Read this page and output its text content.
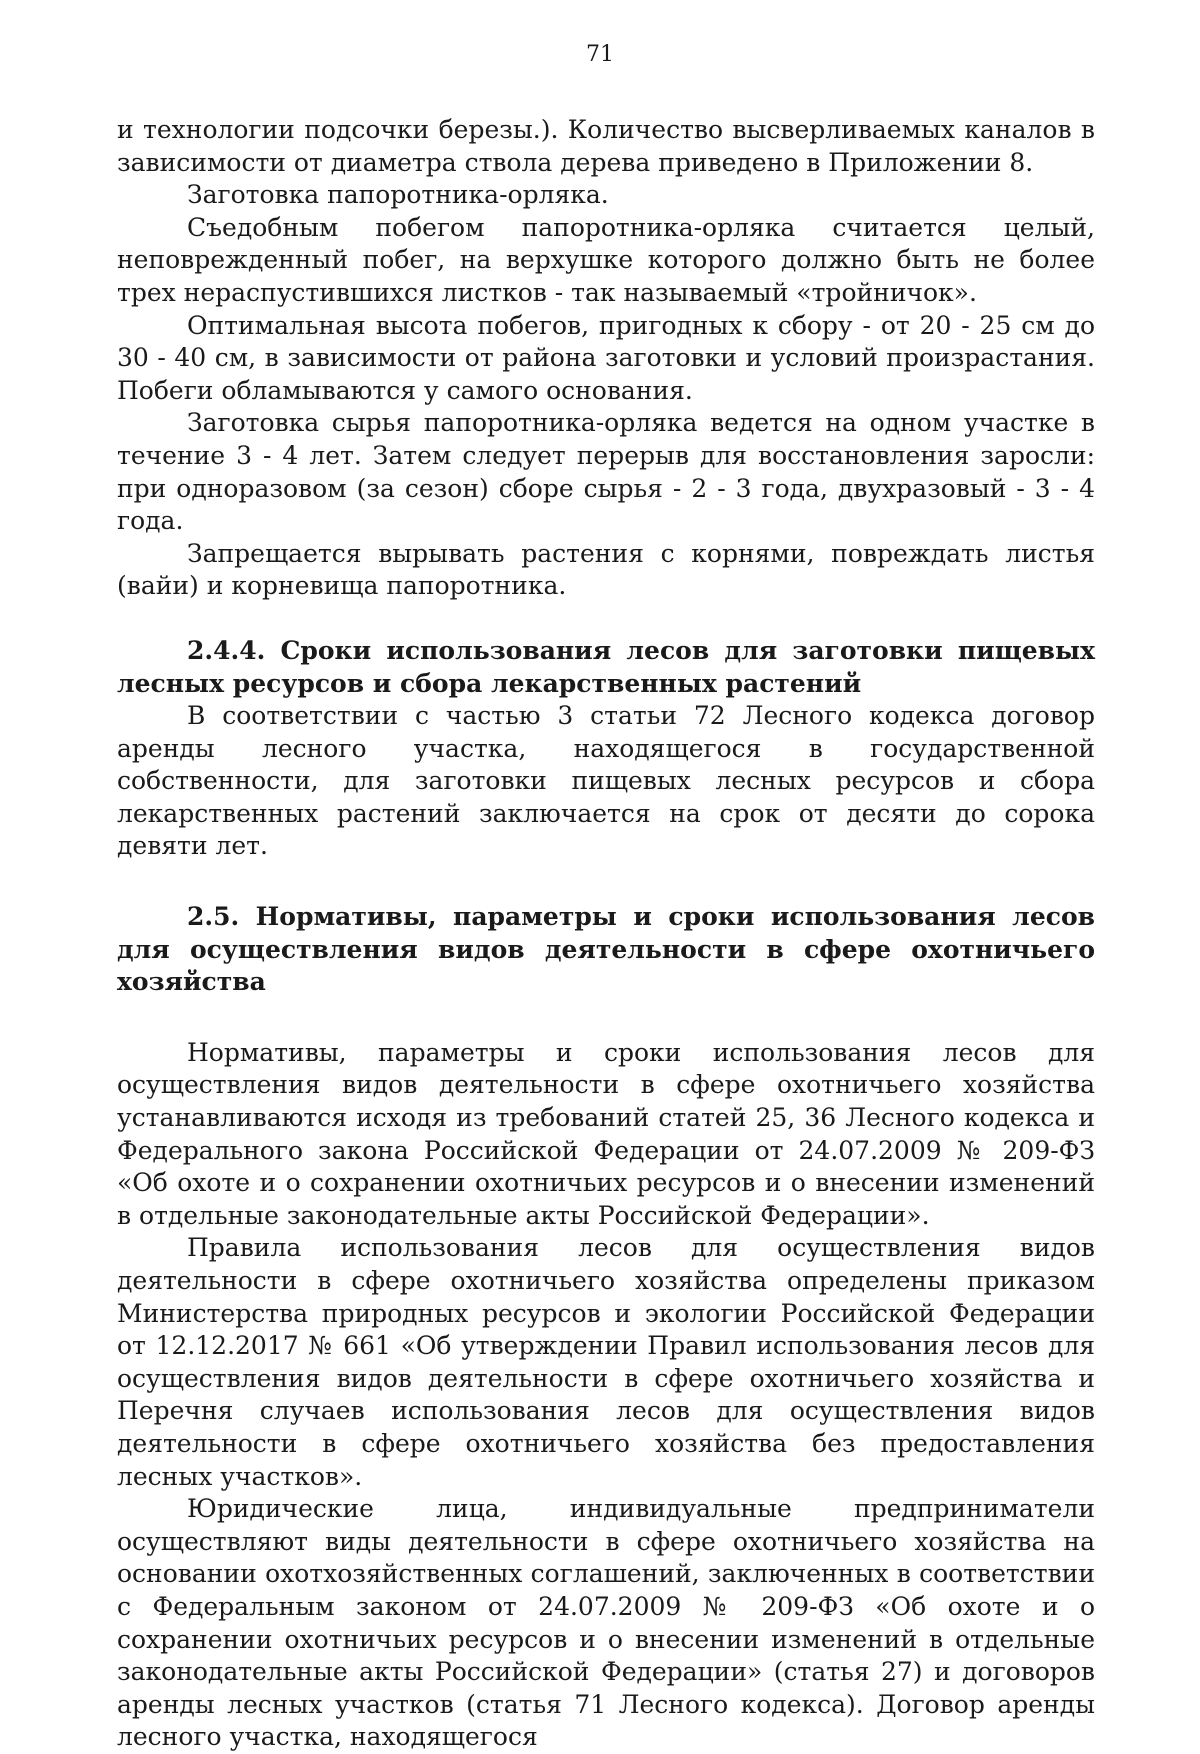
71

и технологии подсочки березы.). Количество высверливаемых каналов в зависимости от диаметра ствола дерева приведено в Приложении 8.

Заготовка папоротника-орляка.

Съедобным побегом папоротника-орляка считается целый, неповрежденный побег, на верхушке которого должно быть не более трех нераспустившихся листков - так называемый «тройничок».

Оптимальная высота побегов, пригодных к сбору - от 20 - 25 см до 30 - 40 см, в зависимости от района заготовки и условий произрастания. Побеги обламываются у самого основания.

Заготовка сырья папоротника-орляка ведется на одном участке в течение 3 - 4 лет. Затем следует перерыв для восстановления заросли: при одноразовом (за сезон) сборе сырья - 2 - 3 года, двухразовый - 3 - 4 года.

Запрещается вырывать растения с корнями, повреждать листья (вайи) и корневища папоротника.

2.4.4. Сроки использования лесов для заготовки пищевых лесных ресурсов и сбора лекарственных растений

В соответствии с частью 3 статьи 72 Лесного кодекса договор аренды лесного участка, находящегося в государственной собственности, для заготовки пищевых лесных ресурсов и сбора лекарственных растений заключается на срок от десяти до сорока девяти лет.

2.5. Нормативы, параметры и сроки использования лесов для осуществления видов деятельности в сфере охотничьего хозяйства

Нормативы, параметры и сроки использования лесов для осуществления видов деятельности в сфере охотничьего хозяйства устанавливаются исходя из требований статей 25, 36 Лесного кодекса и Федерального закона Российской Федерации от 24.07.2009 № 209-ФЗ «Об охоте и о сохранении охотничьих ресурсов и о внесении изменений в отдельные законодательные акты Российской Федерации».

Правила использования лесов для осуществления видов деятельности в сфере охотничьего хозяйства определены приказом Министерства природных ресурсов и экологии Российской Федерации от 12.12.2017 № 661 «Об утверждении Правил использования лесов для осуществления видов деятельности в сфере охотничьего хозяйства и Перечня случаев использования лесов для осуществления видов деятельности в сфере охотничьего хозяйства без предоставления лесных участков».

Юридические лица, индивидуальные предприниматели осуществляют виды деятельности в сфере охотничьего хозяйства на основании охотхозяйственных соглашений, заключенных в соответствии с Федеральным законом от 24.07.2009 № 209-ФЗ «Об охоте и о сохранении охотничьих ресурсов и о внесении изменений в отдельные законодательные акты Российской Федерации» (статья 27) и договоров аренды лесных участков (статья 71 Лесного кодекса). Договор аренды лесного участка, находящегося
